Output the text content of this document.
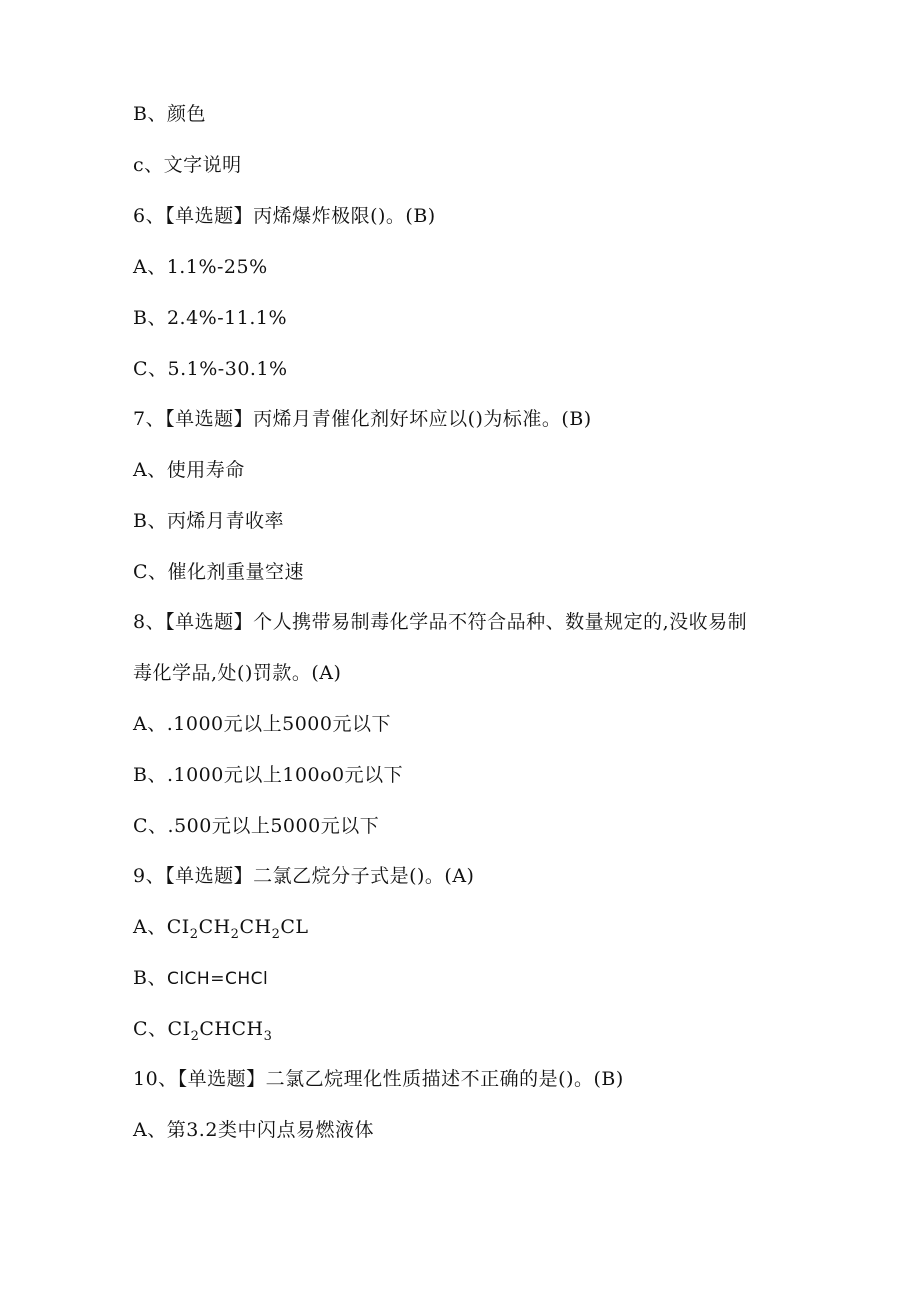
B、颜色
c、文字说明
6、【单选题】丙烯爆炸极限()。(B)
A、1.1%-25%
B、2.4%-11.1%
C、5.1%-30.1%
7、【单选题】丙烯月青催化剂好坏应以()为标准。(B)
A、使用寿命
B、丙烯月青收率
C、催化剂重量空速
8、【单选题】个人携带易制毒化学品不符合品种、数量规定的,没收易制
毒化学品,处()罚款。(A)
A、.1000元以上5000元以下
B、.1000元以上100o0元以下
C、.500元以上5000元以下
9、【单选题】二氯乙烷分子式是()。(A)
A、$CI_2CH_2CH_2CL$
B、ClCH=CHCl
C、$CI_2CHCH_3$
10、【单选题】二氯乙烷理化性质描述不正确的是()。(B)
A、第3.2类中闪点易燃液体
